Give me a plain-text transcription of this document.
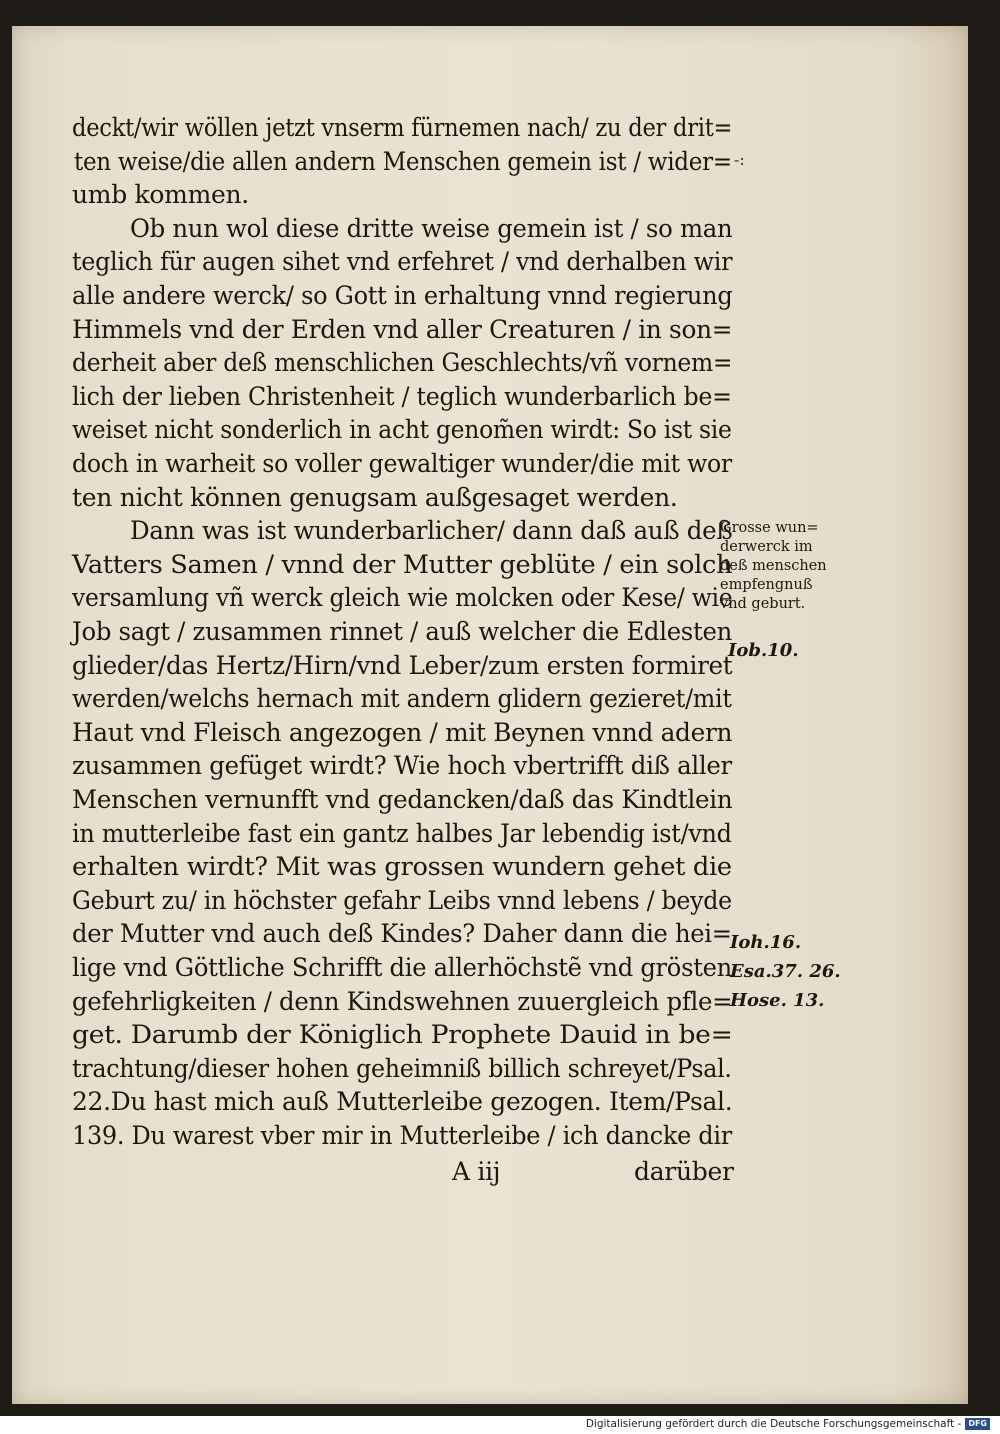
deckt/wir wöllen jetzt vnserm fürnemen nach/ zu der drit=
ten weise/die allen andern Menschen gemein ist / wider=
umb kommen.
Ob nun wol diese dritte weise gemein ist / so man
teglich für augen sihet vnd erfehret / vnd derhalben wir
alle andere werck/ so Gott in erhaltung vnnd regierung
Himmels vnd der Erden vnd aller Creaturen / in son=
derheit aber deß menschlichen Geschlechts/vñ vornem=
lich der lieben Christenheit / teglich wunderbarlich be=
weiset nicht sonderlich in acht genom̃en wirdt: So ist sie
doch in warheit so voller gewaltiger wunder/die mit wor
ten nicht können genugsam außgesaget werden.
Dann was ist wunderbarlicher/ dann daß auß deß
Vatters Samen / vnnd der Mutter geblüte / ein solch
versamlung vñ werck gleich wie molcken oder Kese/ wie
Job sagt / zusammen rinnet / auß welcher die Edlesten
glieder/das Hertz/Hirn/vnd Leber/zum ersten formiret
werden/welchs hernach mit andern glidern gezieret/mit
Haut vnd Fleisch angezogen / mit Beynen vnnd adern
zusammen gefüget wirdt? Wie hoch vbertrifft diß aller
Menschen vernunfft vnd gedancken/daß das Kindtlein
in mutterleibe fast ein gantz halbes Jar lebendig ist/vnd
erhalten wirdt? Mit was grossen wundern gehet die
Geburt zu/ in höchster gefahr Leibs vnnd lebens / beyde
der Mutter vnd auch deß Kindes? Daher dann die hei=
lige vnd Göttliche Schrifft die allerhöchstẽ vnd grösten
gefehrligkeiten / denn Kindswehnen zuuergleich pfle=
get. Darumb der Königlich Prophete Dauid in be=
trachtung/dieser hohen geheimniß billich schreyet/Psal.
22.Du hast mich auß Mutterleibe gezogen. Item/Psal.
139. Du warest vber mir in Mutterleibe / ich dancke dir
-:
Grosse wun=
derwerck im
deß menschen
empfengnuß
vnd geburt.
Iob.10.
Ioh.16.
Esa.37. 26.
Hose. 13.
A iij	darüber
Digitalisierung gefördert durch die Deutsche Forschungsgemeinschaft - DFG
